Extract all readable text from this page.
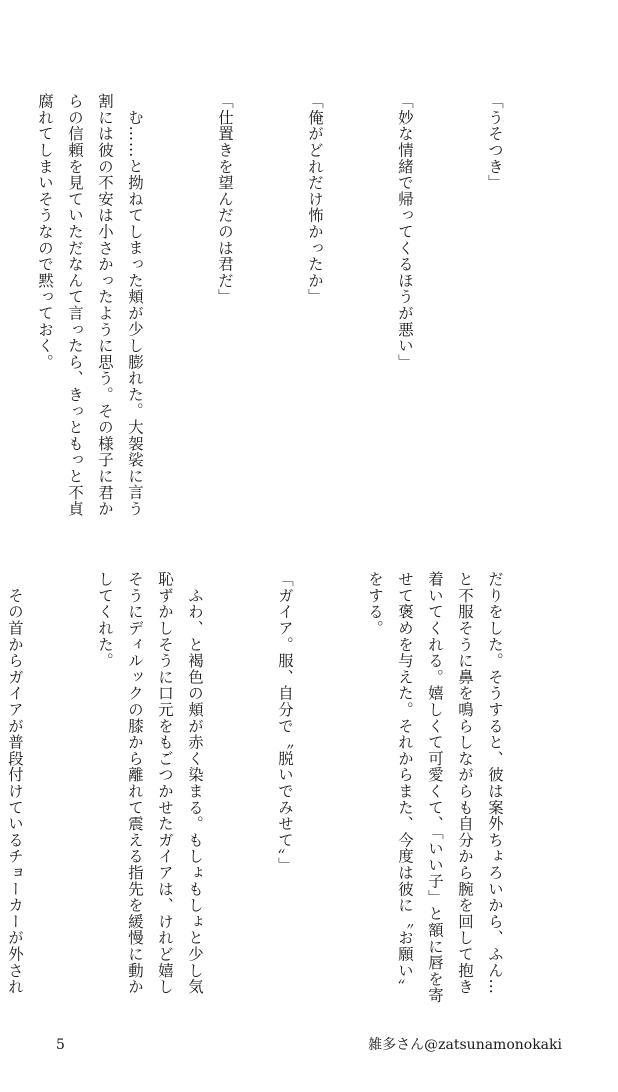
「うそつき」

「妙な情緒で帰ってくるほうが悪い」

「俺がどれだけ怖かったか」

「仕置きを望んだのは君だ」

　む……と拗ねてしまった頬が少し膨れた。大袈裟に言う割には彼の不安は小さかったように思う。その様子に君からの信頼を見ていただなんて言ったら、きっともっと不貞腐れてしまいそうなので黙っておく。

だりをした。そうすると、彼は案外ちょろいから、ふん…と不服そうに鼻を鳴らしながらも自分から腕を回して抱き着いてくれる。嬉しくて可愛くて、「いい子」と額に唇を寄せて褒めを与えた。それからまた、今度は彼に〝お願い〟をする。

「ガイア。服、自分で〝脱いでみせて〟」

　ふわ、と褐色の頬が赤く染まる。もしょもしょと少し気恥ずかしそうに口元をもごつかせたガイアは、けれど嬉しそうにディルックの膝から離れて震える指先を緩慢に動かしてくれた。

　その首からガイアが普段付けているチョーカーが外され

5	雑多さん@zatsunamonokaki
